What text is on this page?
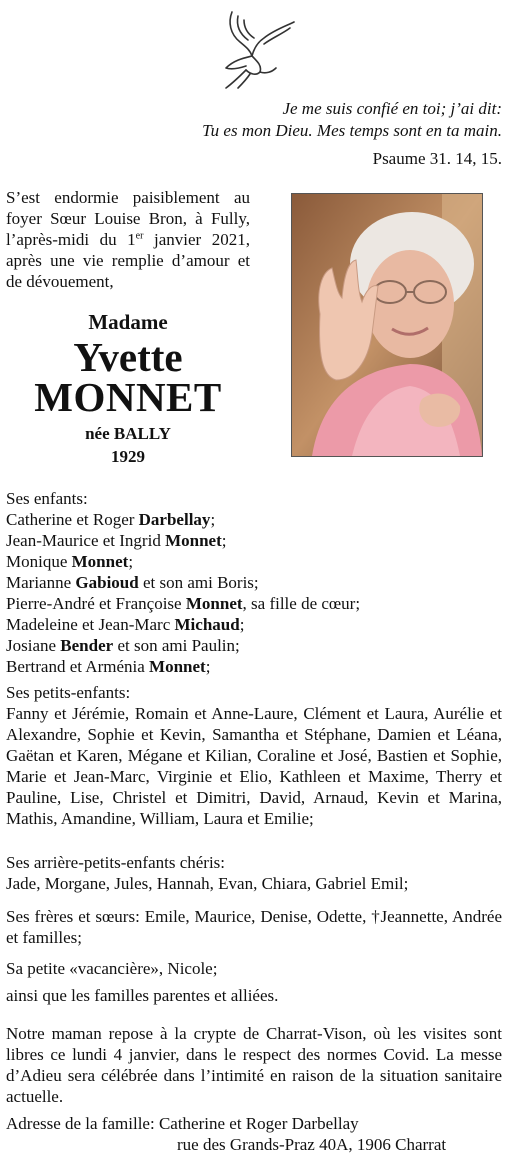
Je me suis confié en toi; j’ai dit:
Tu es mon Dieu. Mes temps sont en ta main.
Psaume 31. 14, 15.
S’est endormie paisiblement au foyer Sœur Louise Bron, à Fully, l’après-midi du 1er janvier 2021, après une vie remplie d’amour et de dévouement,
Madame
Yvette
MONNET
née BALLY
1929
Ses enfants:
Catherine et Roger Darbellay;
Jean-Maurice et Ingrid Monnet;
Monique Monnet;
Marianne Gabioud et son ami Boris;
Pierre-André et Françoise Monnet, sa fille de cœur;
Madeleine et Jean-Marc Michaud;
Josiane Bender et son ami Paulin;
Bertrand et Arménia Monnet;
Ses petits-enfants:
Fanny et Jérémie, Romain et Anne-Laure, Clément et Laura, Aurélie et Alexandre, Sophie et Kevin, Samantha et Stéphane, Damien et Léana, Gaëtan et Karen, Mégane et Kilian, Coraline et José, Bastien et Sophie, Marie et Jean-Marc, Virginie et Elio, Kathleen et Maxime, Therry et Pauline, Lise, Christel et Dimitri, David, Arnaud, Kevin et Marina, Mathis, Amandine, William, Laura et Emilie;
Ses arrière-petits-enfants chéris:
Jade, Morgane, Jules, Hannah, Evan, Chiara, Gabriel Emil;
Ses frères et sœurs: Emile, Maurice, Denise, Odette, †Jeannette, Andrée et familles;
Sa petite «vacancière», Nicole;
ainsi que les familles parentes et alliées.
Notre maman repose à la crypte de Charrat-Vison, où les visites sont libres ce lundi 4 janvier, dans le respect des normes Covid. La messe d’Adieu sera célébrée dans l’intimité en raison de la situation sanitaire actuelle.
Adresse de la famille: Catherine et Roger Darbellay
rue des Grands-Praz 40A, 1906 Charrat
